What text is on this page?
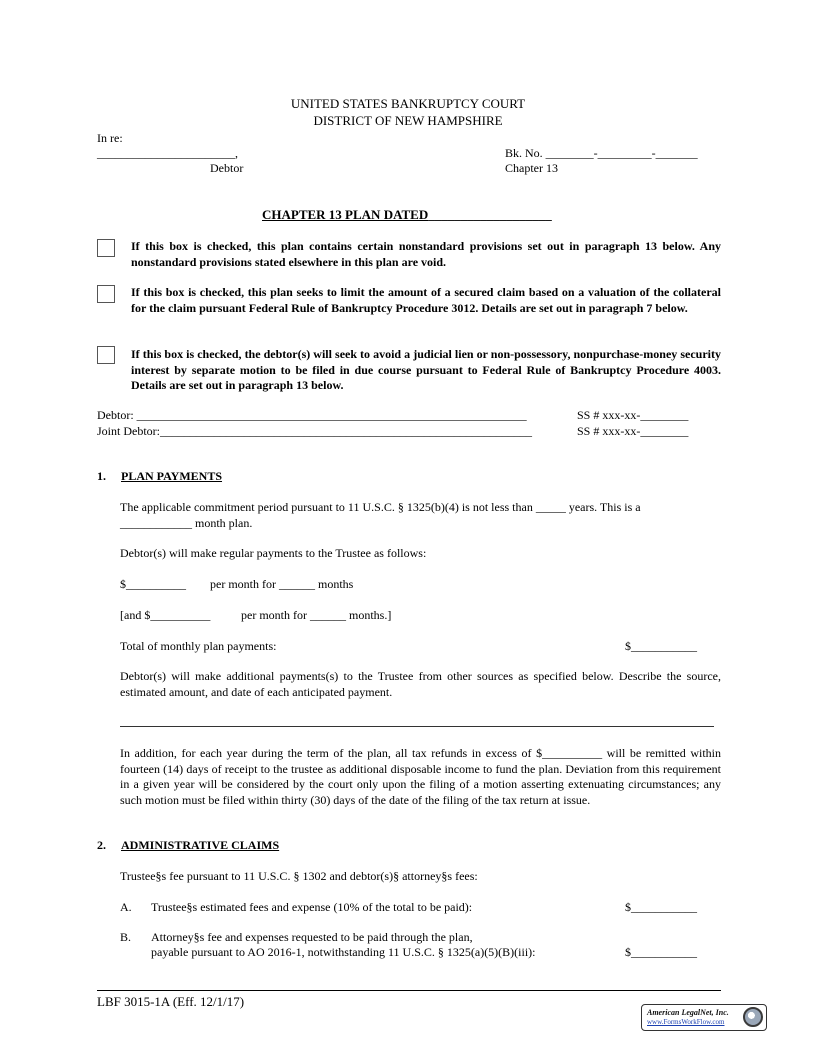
UNITED STATES BANKRUPTCY COURT
DISTRICT OF NEW HAMPSHIRE
In re:
_______________________,
Debtor
Bk. No. ________-_________-_______
Chapter 13
CHAPTER 13 PLAN DATED___________________
If this box is checked, this plan contains certain nonstandard provisions set out in paragraph 13 below. Any nonstandard provisions stated elsewhere in this plan are void.
If this box is checked, this plan seeks to limit the amount of a secured claim based on a valuation of the collateral for the claim pursuant Federal Rule of Bankruptcy Procedure 3012. Details are set out in paragraph 7 below.
If this box is checked, the debtor(s) will seek to avoid a judicial lien or non-possessory, nonpurchase-money security interest by separate motion to be filed in due course pursuant to Federal Rule of Bankruptcy Procedure 4003. Details are set out in paragraph 13 below.
Debtor: _________________________________________________________________	SS # xxx-xx-________
Joint Debtor:______________________________________________________________	SS # xxx-xx-________
1. PLAN PAYMENTS
The applicable commitment period pursuant to 11 U.S.C. § 1325(b)(4) is not less than _____ years. This is a
____________ month plan.
Debtor(s) will make regular payments to the Trustee as follows:
$__________ per month for ______ months
[and $__________	per month for ______ months.]
Total of monthly plan payments:	$___________
Debtor(s) will make additional payments(s) to the Trustee from other sources as specified below. Describe the source, estimated amount, and date of each anticipated payment.
In addition, for each year during the term of the plan, all tax refunds in excess of $__________ will be remitted within fourteen (14) days of receipt to the trustee as additional disposable income to fund the plan. Deviation from this requirement in a given year will be considered by the court only upon the filing of a motion asserting extenuating circumstances; any such motion must be filed within thirty (30) days of the date of the filing of the tax return at issue.
2. ADMINISTRATIVE CLAIMS
Trustee§s fee pursuant to 11 U.S.C. § 1302 and debtor(s)§ attorney§s fees:
A. Trustee§s estimated fees and expense (10% of the total to be paid):	$___________
B. Attorney§s fee and expenses requested to be paid through the plan,
payable pursuant to AO 2016-1, notwithstanding 11 U.S.C. § 1325(a)(5)(B)(iii):	$___________
LBF 3015-1A (Eff. 12/1/17)
American LegalNet, Inc.
www.FormsWorkFlow.com
